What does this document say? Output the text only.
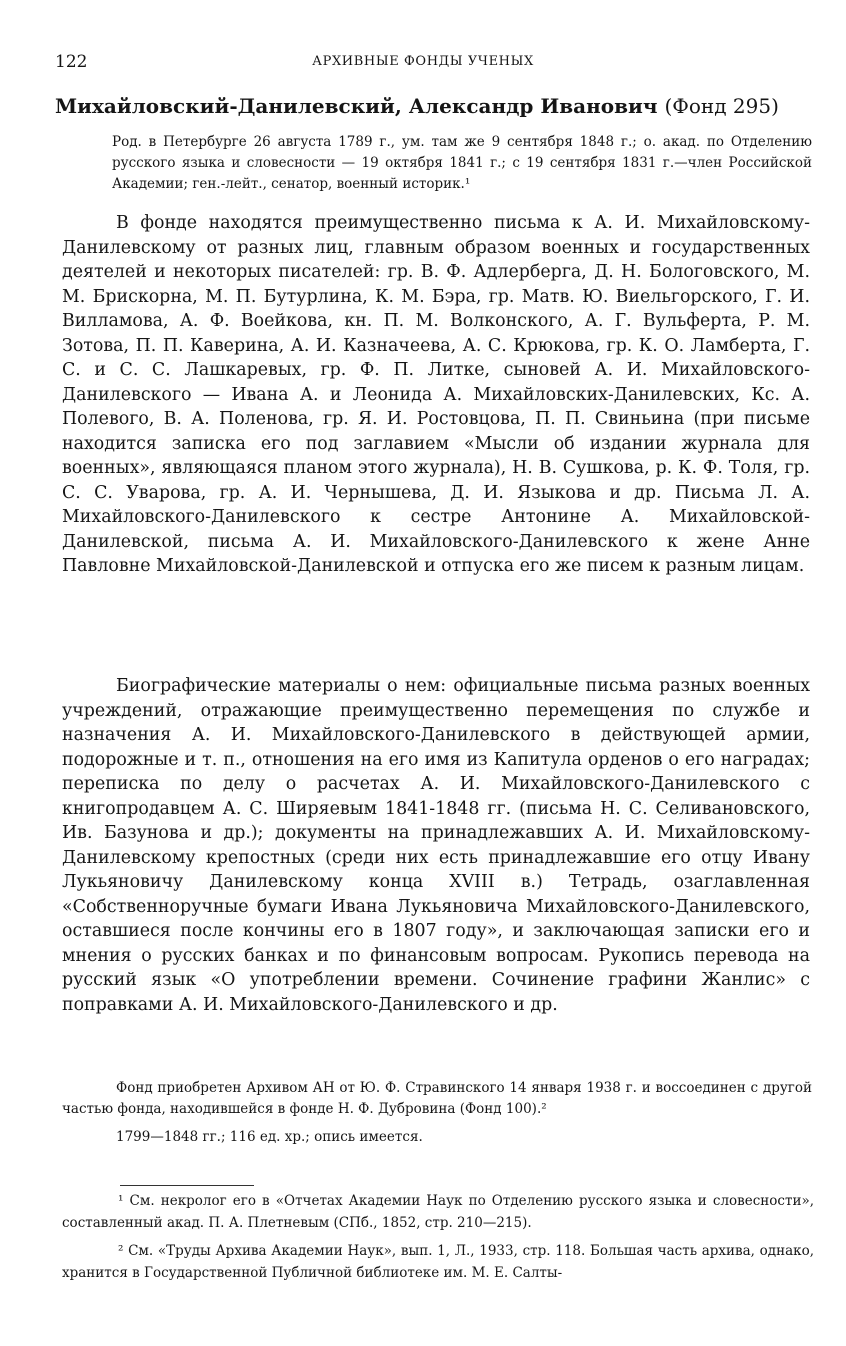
122	АРХИВНЫЕ ФОНДЫ УЧЕНЫХ
Михайловский-Данилевский, Александр Иванович (Фонд 295)

Род. в Петербурге 26 августа 1789 г., ум. там же 9 сентября 1848 г.; о. акад. по Отделению русского языка и словесности — 19 октября 1841 г.; с 19 сентября 1831 г.—член Российской Академии; ген.-лейт., сенатор, военный историк.¹

В фонде находятся преимущественно письма к А. И. Михайловскому-Данилевскому от разных лиц, главным образом военных и государственных деятелей и некоторых писателей: гр. В. Ф. Адлерберга, Д. Н. Бологовского, М. М. Брискорна, М. П. Бутурлина, К. М. Бэра, гр. Матв. Ю. Виельгорского, Г. И. Вилламова, А. Ф. Воейкова, кн. П. М. Волконского, А. Г. Вульферта, Р. М. Зотова, П. П. Каверина, А. И. Казначеева, А. С. Крюкова, гр. К. О. Ламберта, Г. С. и С. С. Лашкаревых, гр. Ф. П. Литке, сыновей А. И. Михайловского-Данилевского — Ивана А. и Леонида А. Михайловских-Данилевских, Кс. А. Полевого, В. А. Поленова, гр. Я. И. Ростовцова, П. П. Свиньина (при письме находится записка его под заглавием «Мысли об издании журнала для военных», являющаяся планом этого журнала), Н. В. Сушкова, р. К. Ф. Толя, гр. С. С. Уварова, гр. А. И. Чернышева, Д. И. Языкова и др. Письма Л. А. Михайловского-Данилевского к сестре Антонине А. Михайловской-Данилевской, письма А. И. Михайловского-Данилевского к жене Анне Павловне Михайловской-Данилевской и отпуска его же писем к разным лицам.

Биографические материалы о нем: официальные письма разных военных учреждений, отражающие преимущественно перемещения по службе и назначения А. И. Михайловского-Данилевского в действующей армии, подорожные и т. п., отношения на его имя из Капитула орденов о его наградах; переписка по делу о расчетах А. И. Михайловского-Данилевского с книгопродавцем А. С. Ширяевым 1841-1848 гг. (письма Н. С. Селивановского, Ив. Базунова и др.); документы на принадлежавших А. И. Михайловскому-Данилевскому крепостных (среди них есть принадлежавшие его отцу Ивану Лукьяновичу Данилевскому конца XVIII в.) Тетрадь, озаглавленная «Собственноручные бумаги Ивана Лукьяновича Михайловского-Данилевского, оставшиеся после кончины его в 1807 году», и заключающая записки его и мнения о русских банках и по финансовым вопросам. Рукопись перевода на русский язык «О употреблении времени. Сочинение графини Жанлис» с поправками А. И. Михайловского-Данилевского и др.

Фонд приобретен Архивом АН от Ю. Ф. Стравинского 14 января 1938 г. и воссоединен с другой частью фонда, находившейся в фонде Н. Ф. Дубровина (Фонд 100).²

1799—1848 гг.; 116 ед. хр.; опись имеется.

¹ См. некролог его в «Отчетах Академии Наук по Отделению русского языка и словесности», составленный акад. П. А. Плетневым (СПб., 1852, стр. 210—215).

² См. «Труды Архива Академии Наук», вып. 1, Л., 1933, стр. 118. Большая часть архива, однако, хранится в Государственной Публичной библиотеке им. М. Е. Салты-
